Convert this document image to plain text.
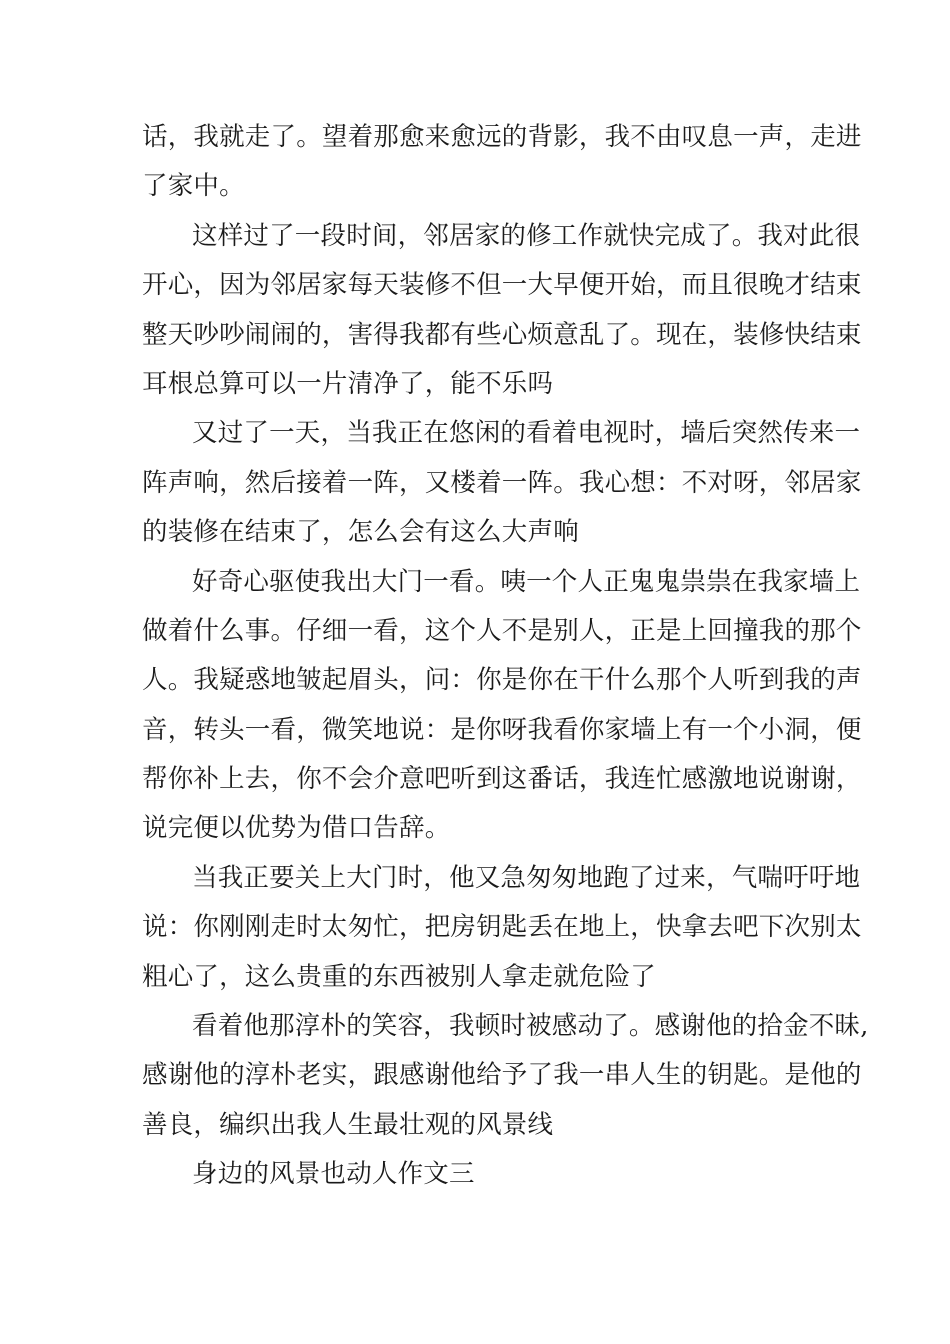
话，我就走了。望着那愈来愈远的背影，我不由叹息一声，走进
了家中。
这样过了一段时间，邻居家的修工作就快完成了。我对此很
开心，因为邻居家每天装修不但一大早便开始，而且很晚才结束
整天吵吵闹闹的，害得我都有些心烦意乱了。现在，装修快结束
耳根总算可以一片清净了，能不乐吗
又过了一天，当我正在悠闲的看着电视时，墙后突然传来一
阵声响，然后接着一阵，又楼着一阵。我心想：不对呀，邻居家
的装修在结束了，怎么会有这么大声响
好奇心驱使我出大门一看。咦一个人正鬼鬼祟祟在我家墙上
做着什么事。仔细一看，这个人不是别人，正是上回撞我的那个
人。我疑惑地皱起眉头，问：你是你在干什么那个人听到我的声
音，转头一看，微笑地说：是你呀我看你家墙上有一个小洞，便
帮你补上去，你不会介意吧听到这番话，我连忙感激地说谢谢，
说完便以优势为借口告辞。
当我正要关上大门时，他又急匆匆地跑了过来，气喘吁吁地
说：你刚刚走时太匆忙，把房钥匙丢在地上，快拿去吧下次别太
粗心了，这么贵重的东西被别人拿走就危险了
看着他那淳朴的笑容，我顿时被感动了。感谢他的拾金不昧,
感谢他的淳朴老实，跟感谢他给予了我一串人生的钥匙。是他的
善良，编织出我人生最壮观的风景线
身边的风景也动人作文三
